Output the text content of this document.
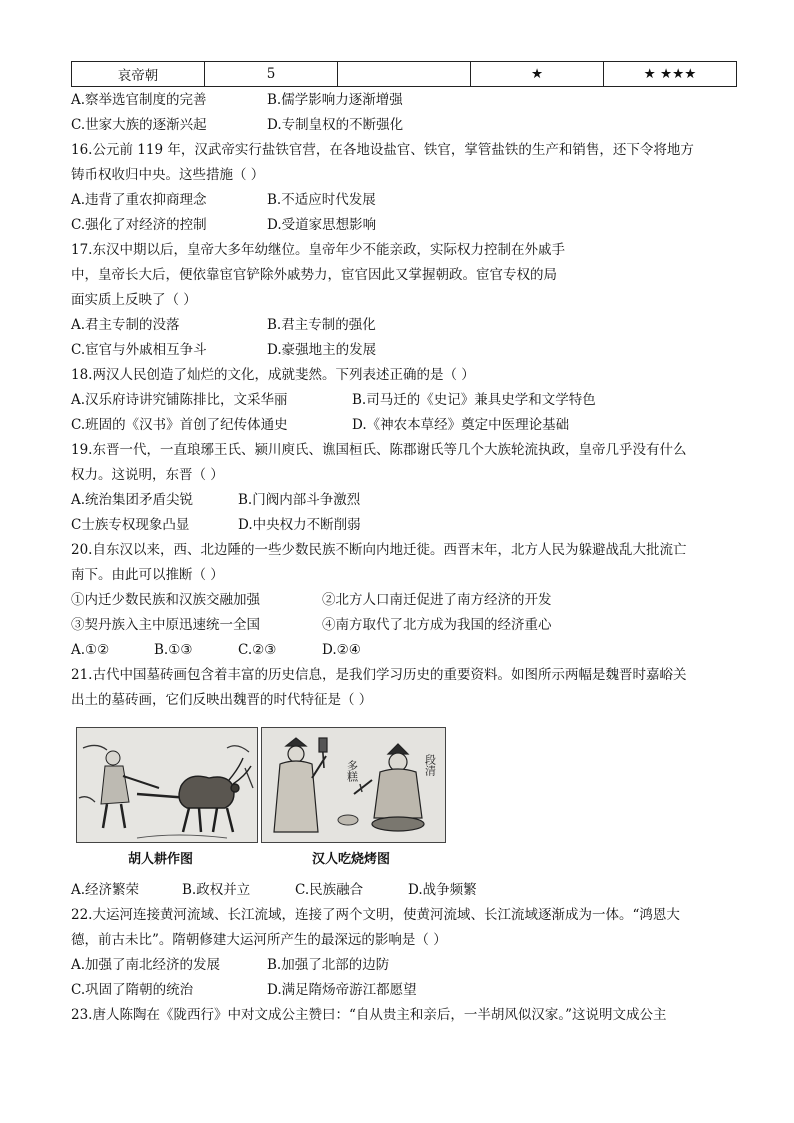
哀帝朝	5		★	★ ★★★
A.察举选官制度的完善	B.儒学影响力逐渐增强
C.世家大族的逐渐兴起	D.专制皇权的不断强化
16.公元前 119 年，汉武帝实行盐铁官营，在各地设盐官、铁官，掌管盐铁的生产和销售，还下令将地方
铸币权收归中央。这些措施（ ）
A.违背了重农抑商理念	B.不适应时代发展
C.强化了对经济的控制	D.受道家思想影响
17.东汉中期以后，皇帝大多年幼继位。皇帝年少不能亲政，实际权力控制在外戚手
中，皇帝长大后，便依靠宦官铲除外戚势力，宦官因此又掌握朝政。宦官专权的局
面实质上反映了（ ）
A.君主专制的没落	B.君主专制的强化
C.宦官与外戚相互争斗	D.豪强地主的发展
18.两汉人民创造了灿烂的文化，成就斐然。下列表述正确的是（ ）
A.汉乐府诗讲究铺陈排比，文采华丽	B.司马迁的《史记》兼具史学和文学特色
C.班固的《汉书》首创了纪传体通史	D.《神农本草经》奠定中医理论基础
19.东晋一代，一直琅琊王氏、颍川庾氏、谯国桓氏、陈郡谢氏等几个大族轮流执政，皇帝几乎没有什么
权力。这说明，东晋（ ）
A.统治集团矛盾尖锐	B.门阀内部斗争激烈
C士族专权现象凸显	D.中央权力不断削弱
20.自东汉以来，西、北边陲的一些少数民族不断向内地迁徙。西晋末年，北方人民为躲避战乱大批流亡
南下。由此可以推断（ ）
①内迁少数民族和汉族交融加强	②北方人口南迁促进了南方经济的开发
③契丹族入主中原迅速统一全国	④南方取代了北方成为我国的经济重心
A.①②	B.①③	C.②③	D.②④
21.古代中国墓砖画包含着丰富的历史信息，是我们学习历史的重要资料。如图所示两幅是魏晋时嘉峪关
出土的墓砖画，它们反映出魏晋的时代特征是（ ）
多糕	段清
胡人耕作图	汉人吃烧烤图
A.经济繁荣	B.政权并立	C.民族融合	D.战争频繁
22.大运河连接黄河流域、长江流域，连接了两个文明，使黄河流域、长江流域逐渐成为一体。“鸿恩大
德，前古未比”。隋朝修建大运河所产生的最深远的影响是（ ）
A.加强了南北经济的发展	B.加强了北部的边防
C.巩固了隋朝的统治	D.满足隋炀帝游江都愿望
23.唐人陈陶在《陇西行》中对文成公主赞曰：“自从贵主和亲后，一半胡风似汉家。”这说明文成公主
